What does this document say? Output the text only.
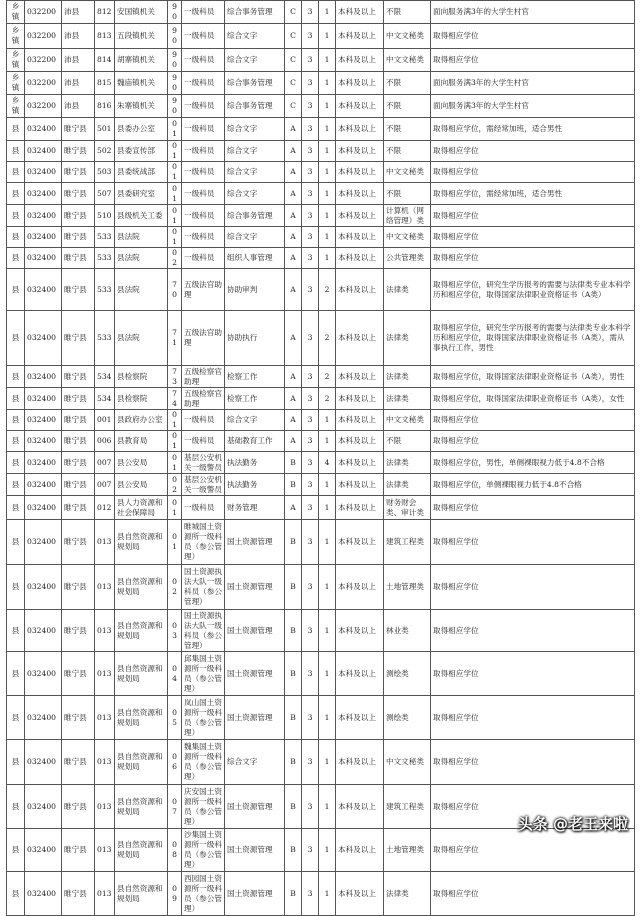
乡镇	032200	沛县	812	安国镇机关	90	一级科员	综合事务管理	C	3	1	本科及以上	不限	面向服务满3年的大学生村官
乡镇	032200	沛县	813	五段镇机关	90	一级科员	综合文字	C	3	1	本科及以上	中文文秘类	取得相应学位
乡镇	032200	沛县	814	胡寨镇机关	90	一级科员	综合文字	C	3	1	本科及以上	中文文秘类	取得相应学位
乡镇	032200	沛县	815	魏庙镇机关	90	一级科员	综合事务管理	C	3	1	本科及以上	不限	面向服务满3年的大学生村官
乡镇	032200	沛县	816	朱寨镇机关	90	一级科员	综合事务管理	C	3	1	本科及以上	不限	面向服务满3年的大学生村官
县	032400	睢宁县	501	县委办公室	01	一级科员	综合文字	A	3	1	本科及以上	不限	取得相应学位，需经常加班，适合男性
县	032400	睢宁县	502	县委宣传部	01	一级科员	综合文字	A	3	1	本科及以上	不限	取得相应学位
县	032400	睢宁县	503	县委统战部	01	一级科员	综合文字	A	3	1	本科及以上	中文文秘类	取得相应学位
县	032400	睢宁县	507	县委研究室	01	一级科员	综合文字	A	3	1	本科及以上	不限	取得相应学位，需经常加班，适合男性
县	032400	睢宁县	510	县级机关工委	01	一级科员	综合事务管理	A	3	1	本科及以上	计算机（网络管理）类	取得相应学位
县	032400	睢宁县	533	县法院	01	一级科员	综合文字	A	3	1	本科及以上	中文文秘类	取得相应学位
县	032400	睢宁县	533	县法院	02	一级科员	组织人事管理	A	3	1	本科及以上	公共管理类	取得相应学位
县	032400	睢宁县	533	县法院	70	五级法官助理	协助审判	A	3	2	本科及以上	法律类	取得相应学位，研究生学历报考的需要与法律类专业本科学历和相应学位，取得国家法律职业资格证书（A类）
县	032400	睢宁县	533	县法院	71	五级法官助理	协助执行	A	3	2	本科及以上	法律类	取得相应学位，研究生学历报考的需要与法律类专业本科学历和相应学位，取得国家法律职业资格证书（A类），需从事执行工作，男性
县	032400	睢宁县	534	县检察院	73	五级检察官助理	检察工作	A	3	2	本科及以上	法律类	取得相应学位，取得国家法律职业资格证书（A类），男性
县	032400	睢宁县	534	县检察院	74	五级检察官助理	检察工作	A	3	2	本科及以上	法律类	取得相应学位，取得国家法律职业资格证书（A类），女性
县	032400	睢宁县	001	县政府办公室	01	一级科员	综合文字	A	3	1	本科及以上	中文文秘类	取得相应学位
县	032400	睢宁县	006	县教育局	01	一级科员	基础教育工作	A	3	1	本科及以上	不限	取得相应学位
县	032400	睢宁县	007	县公安局	01	基层公安机关一级警员	执法勤务	B	3	4	本科及以上	法律类	取得相应学位，男性，单侧裸眼视力低于4.8不合格
县	032400	睢宁县	007	县公安局	02	基层公安机关一级警员	执法勤务	B	3	1	本科及以上	法律类	取得相应学位，单侧裸眼视力低于4.8不合格
县	032400	睢宁县	012	县人力资源和社会保障局	01	一级科员	财务管理	A	3	1	本科及以上	财务财会类、审计类	取得相应学位
县	032400	睢宁县	013	县自然资源和规划局	01	睢城国土资源所一级科员（参公管理）	国土资源管理	B	3	1	本科及以上	建筑工程类	取得相应学位
县	032400	睢宁县	013	县自然资源和规划局	02	国土资源执法大队一级科员（参公管理）	国土资源管理	B	3	1	本科及以上	土地管理类	取得相应学位
县	032400	睢宁县	013	县自然资源和规划局	03	国土资源执法大队一级科员（参公管理）	国土资源管理	B	3	1	本科及以上	林业类	取得相应学位
县	032400	睢宁县	013	县自然资源和规划局	04	邱集国土资源所一级科员（参公管理）	国土资源管理	B	3	1	本科及以上	测绘类	取得相应学位
县	032400	睢宁县	013	县自然资源和规划局	05	岚山国土资源所一级科员（参公管理）	国土资源管理	B	3	1	本科及以上	测绘类	取得相应学位
县	032400	睢宁县	013	县自然资源和规划局	06	魏集国土资源所一级科员（参公管理）	综合文字	B	3	1	本科及以上	中文文秘类	取得相应学位
县	032400	睢宁县	013	县自然资源和规划局	07	庆安国土资源所一级科员（参公管理）	国土资源管理	B	3	1	本科及以上	建筑工程类	取得相应学位
县	032400	睢宁县	013	县自然资源和规划局	08	沙集国土资源所一级科员（参公管理）	国土资源管理	B	3	1	本科及以上	土地管理类	取得相应学位
县	032400	睢宁县	013	县自然资源和规划局	09	西园国土资源所一级科员（参公管理）	国土资源管理	B	3	1	本科及以上	法律类	取得相应学位
头条 @老王来啦
